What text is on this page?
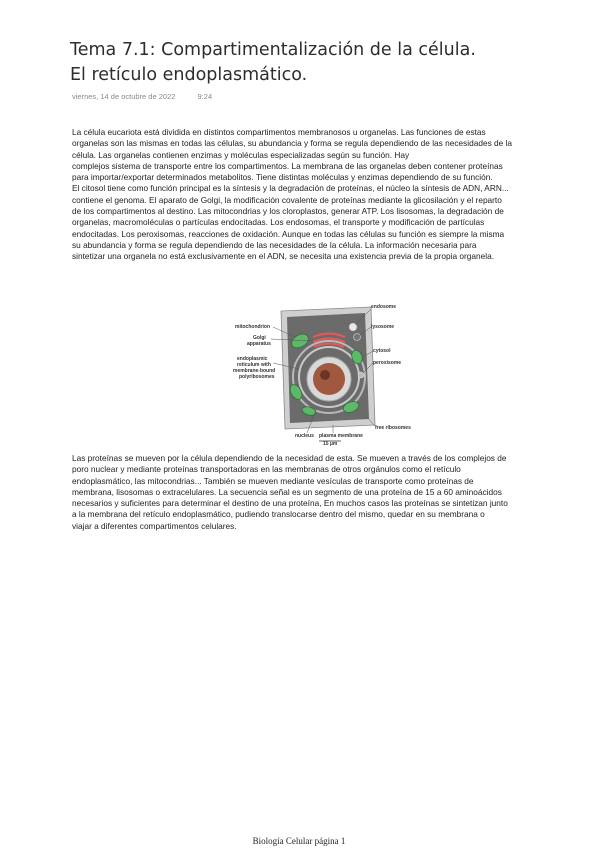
Tema 7.1: Compartimentalización de la célula.
El retículo endoplasmático.
viernes, 14 de octubre de 2022	9:24
La célula eucariota está dividida en distintos compartimentos membranosos u organelas. Las funciones de estas
organelas son las mismas en todas las células, su abundancia y forma se regula dependiendo de las necesidades de la
célula. Las organelas contienen enzimas y moléculas especializadas según su función. Hay
complejos sistema de transporte entre los compartimentos. La membrana de las organelas deben contener proteínas
para importar/exportar determinados metabolitos. Tiene distintas moléculas y enzimas dependiendo de su función.
El citosol tiene como función principal es la síntesis y la degradación de proteínas, el núcleo la síntesis de ADN, ARN...
contiene el genoma. El aparato de Golgi, la modificación covalente de proteínas mediante la glicosilación y el reparto
de los compartimentos al destino. Las mitocondrias y los cloroplastos, generar ATP. Los lisosomas, la degradación de
organelas, macromoléculas o partículas endocitadas. Los endosomas, el transporte y modificación de partículas
endocitadas. Los peroxisomas, reacciones de oxidación. Aunque en todas las células su función es siempre la misma
su abundancia y forma se regula dependiendo de las necesidades de la célula. La información necesaria para
sintetizar una organela no está exclusivamente en el ADN, se necesita una existencia previa de la propia organela.
mitochondrion
Golgi
apparatus
endoplasmic
reticulum with
membrane-bound
polyribosomes
endosome
lysosome
cytosol
peroxisome
free ribosomes
nucleus plasma membrane
15 µm
Las proteínas se mueven por la célula dependiendo de la necesidad de esta. Se mueven a través de los complejos de
poro nuclear y mediante proteínas transportadoras en las membranas de otros orgánulos como el retículo
endoplasmático, las mitocondrias... También se mueven mediante vesículas de transporte como proteínas de
membrana, lisosomas o extracelulares. La secuencia señal es un segmento de una proteína de 15 a 60 aminoácidos
necesarios y suficientes para determinar el destino de una proteína, En muchos casos las proteínas se sintetizan junto
a la membrana del retículo endoplasmático, pudiendo translocarse dentro del mismo, quedar en su membrana o
viajar a diferentes compartimentos celulares.
Biología Celular página 1
